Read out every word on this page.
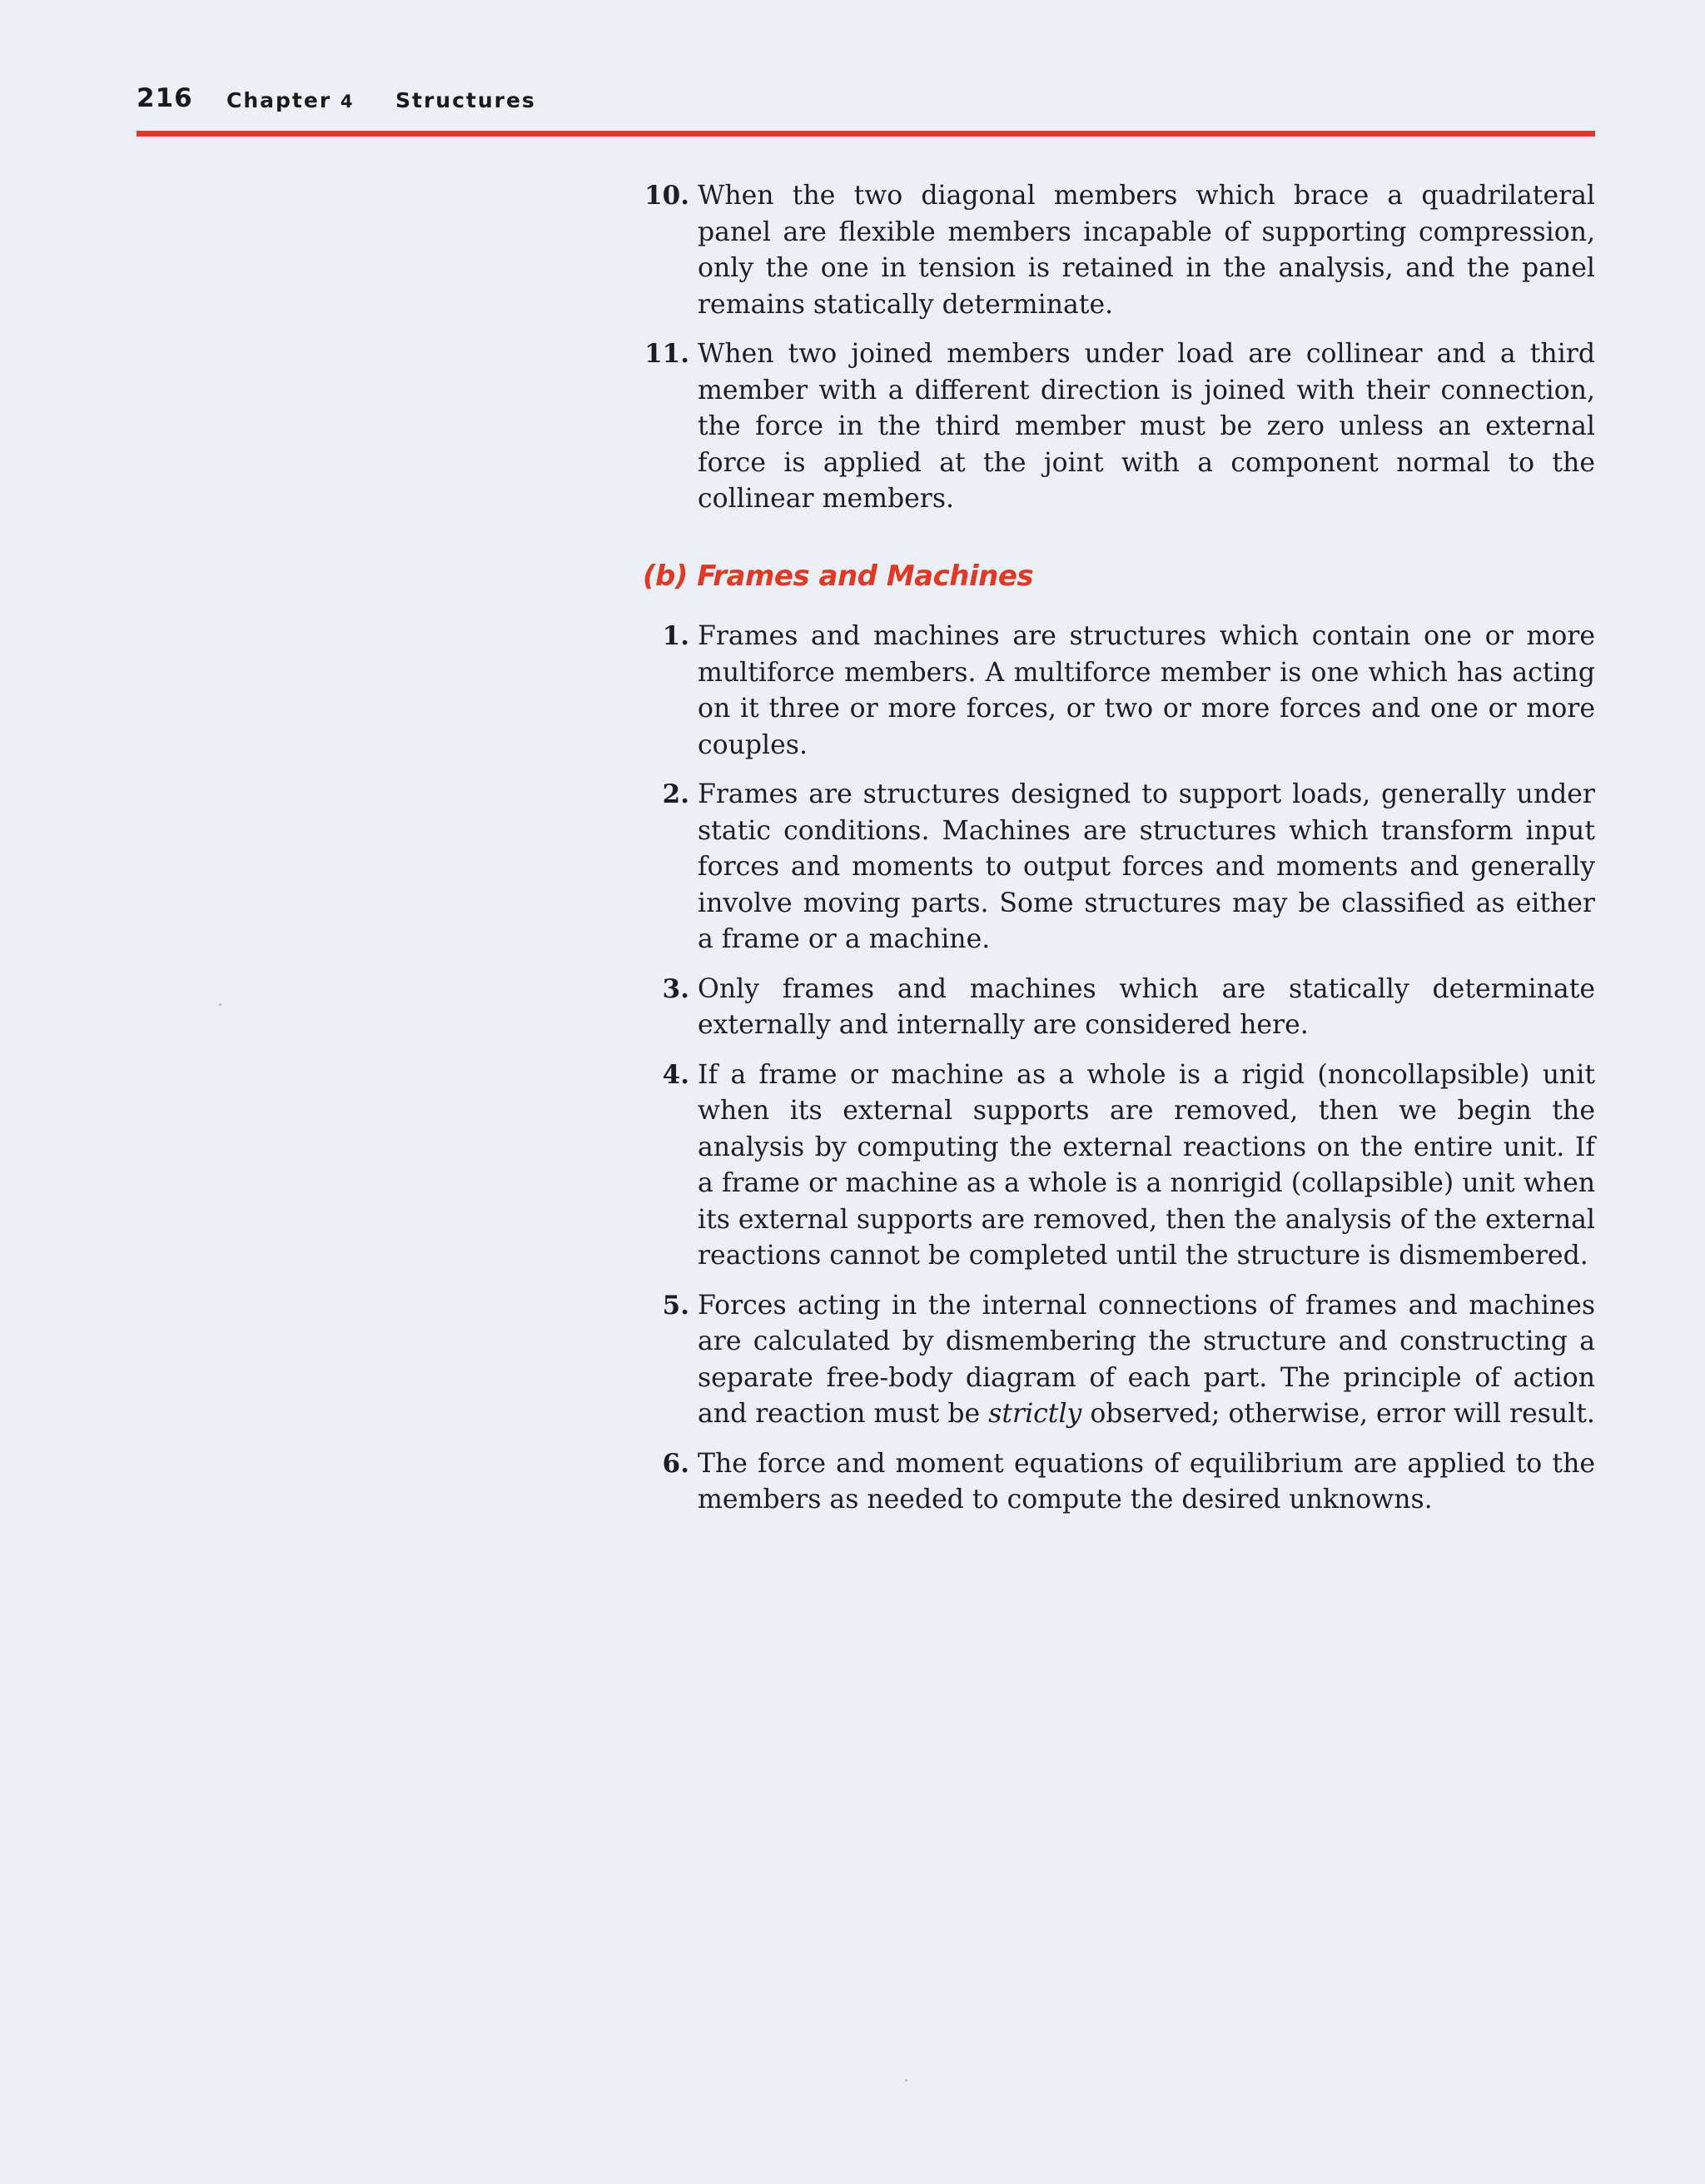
216 Chapter 4 Structures
10. When the two diagonal members which brace a quadrilateral panel are flexible members incapable of supporting compression, only the one in tension is retained in the analysis, and the panel remains statically determinate.
11. When two joined members under load are collinear and a third member with a different direction is joined with their connection, the force in the third member must be zero unless an external force is applied at the joint with a component normal to the collinear members.
(b) Frames and Machines
1. Frames and machines are structures which contain one or more multiforce members. A multiforce member is one which has acting on it three or more forces, or two or more forces and one or more couples.
2. Frames are structures designed to support loads, generally under static conditions. Machines are structures which transform input forces and moments to output forces and moments and generally involve moving parts. Some structures may be classified as either a frame or a machine.
3. Only frames and machines which are statically determinate externally and internally are considered here.
4. If a frame or machine as a whole is a rigid (noncollapsible) unit when its external supports are removed, then we begin the analysis by computing the external reactions on the entire unit. If a frame or machine as a whole is a nonrigid (collapsible) unit when its external supports are removed, then the analysis of the external reactions cannot be completed until the structure is dismembered.
5. Forces acting in the internal connections of frames and machines are calculated by dismembering the structure and constructing a separate free-body diagram of each part. The principle of action and reaction must be strictly observed; otherwise, error will result.
6. The force and moment equations of equilibrium are applied to the members as needed to compute the desired unknowns.
